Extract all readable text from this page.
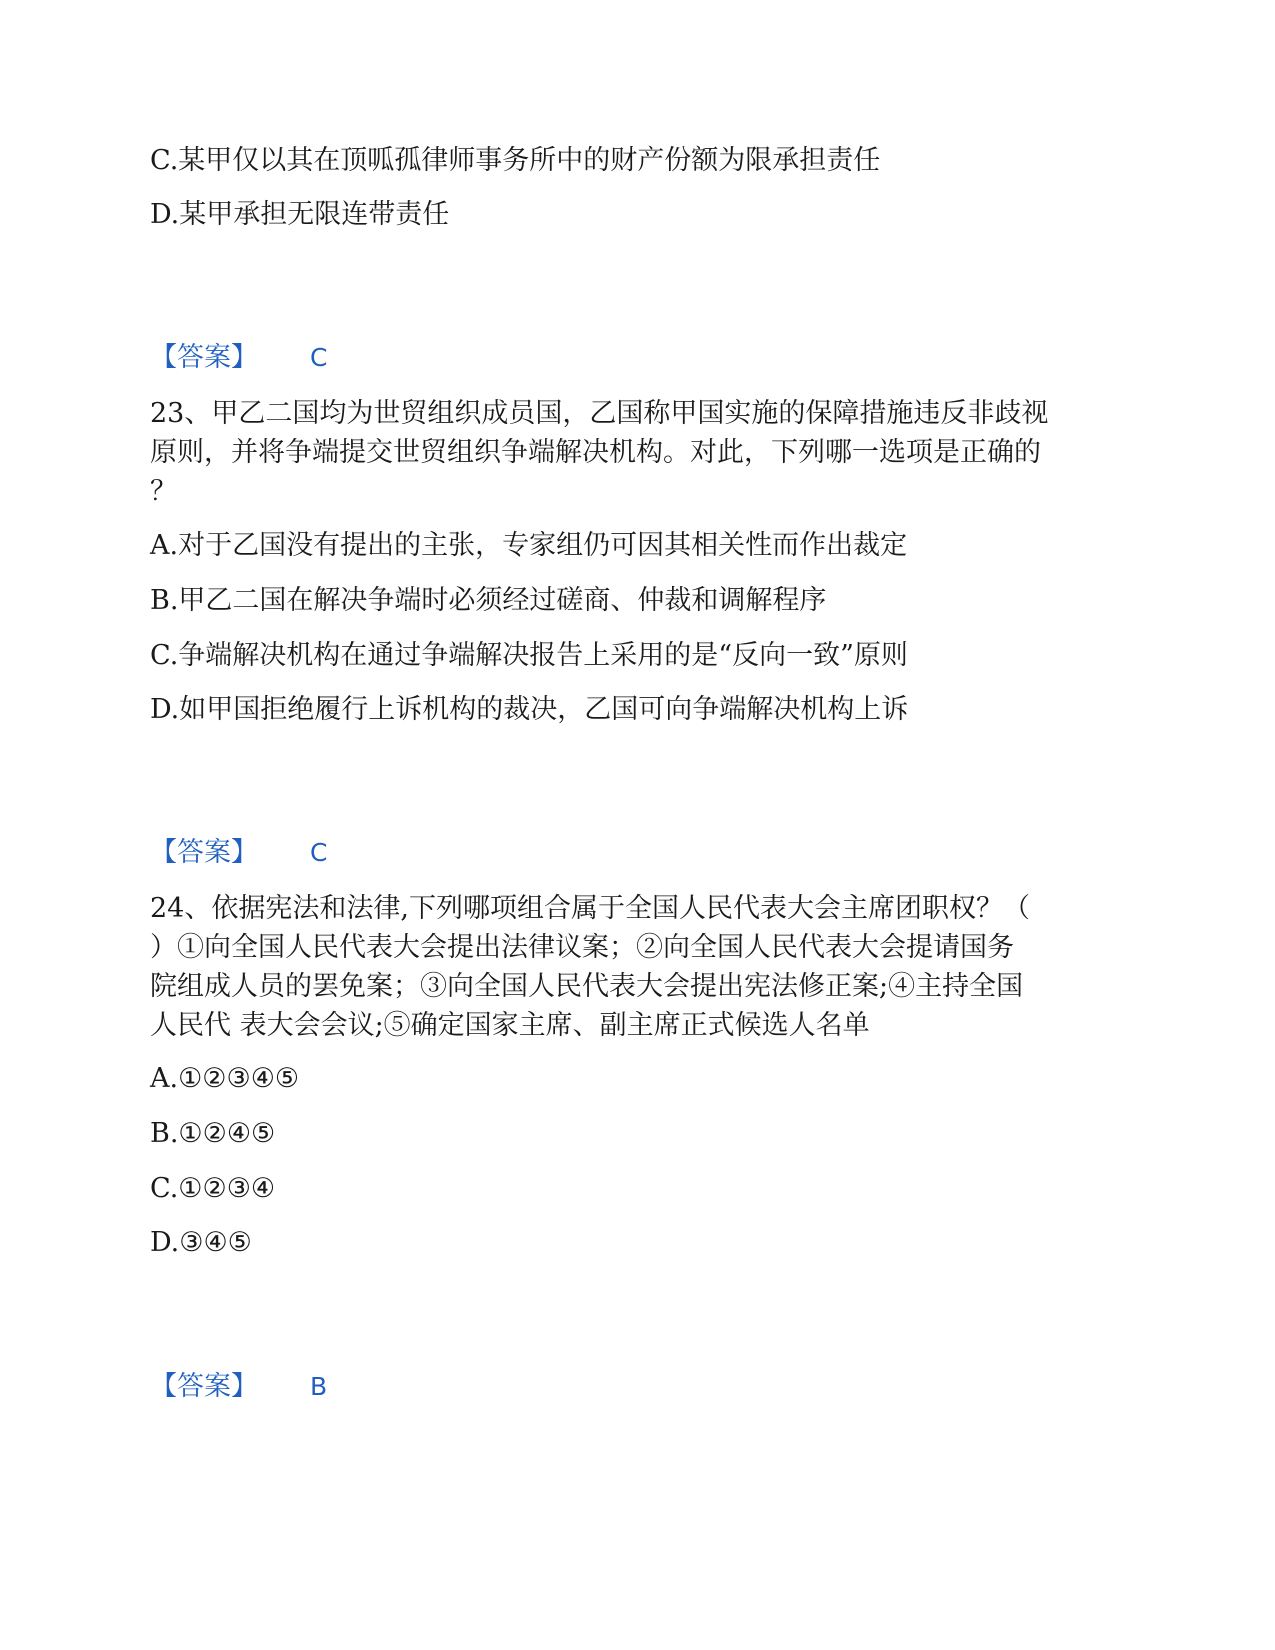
C.某甲仅以其在顶呱孤律师事务所中的财产份额为限承担责任
D.某甲承担无限连带责任
【答案】 C
23、甲乙二国均为世贸组织成员国，乙国称甲国实施的保障措施违反非歧视
原则，并将争端提交世贸组织争端解决机构。对此，下列哪一选项是正确的
？
A.对于乙国没有提出的主张，专家组仍可因其相关性而作出裁定
B.甲乙二国在解决争端时必须经过磋商、仲裁和调解程序
C.争端解决机构在通过争端解决报告上采用的是“反向一致”原则
D.如甲国拒绝履行上诉机构的裁决，乙国可向争端解决机构上诉
【答案】 C
24、依据宪法和法律,下列哪项组合属于全国人民代表大会主席团职权？（
）①向全国人民代表大会提出法律议案；②向全国人民代表大会提请国务
院组成人员的罢免案；③向全国人民代表大会提出宪法修正案;④主持全国
人民代 表大会会议;⑤确定国家主席、副主席正式候选人名单
A.①②③④⑤
B.①②④⑤
C.①②③④
D.③④⑤
【答案】 B
